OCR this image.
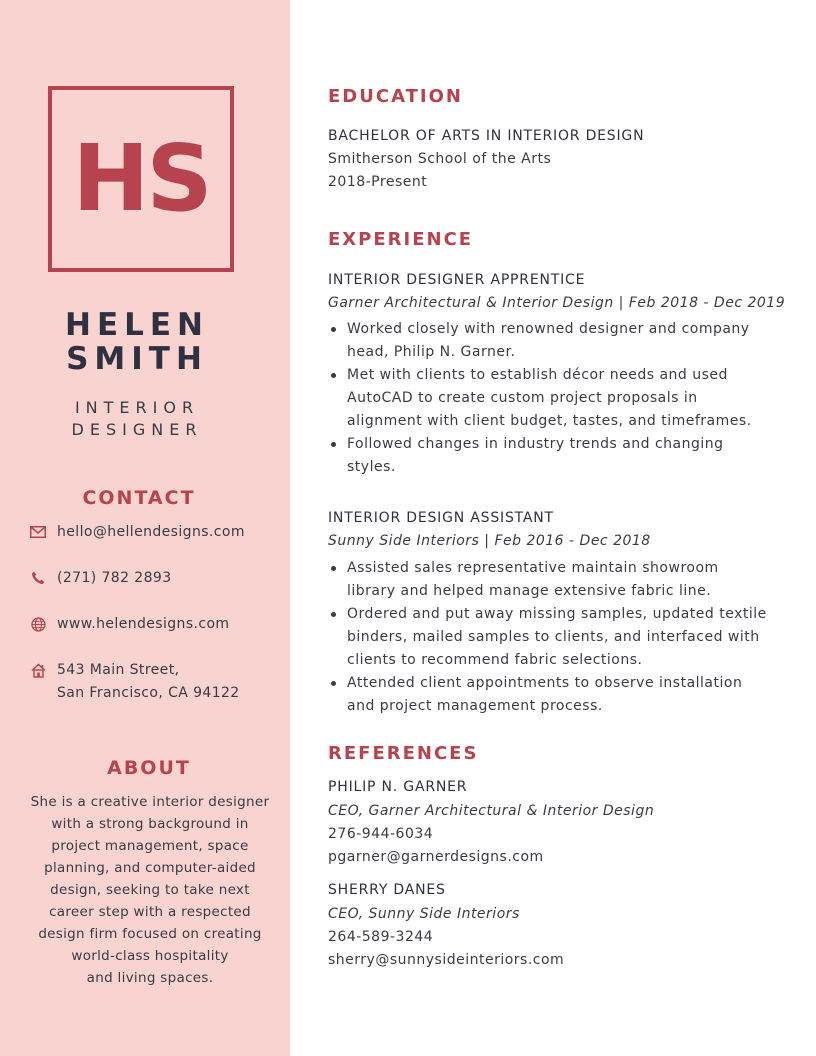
HS
HELEN
SMITH
INTERIOR
DESIGNER
CONTACT
hello@hellendesigns.com
(271) 782 2893
www.helendesigns.com
543 Main Street,
San Francisco, CA 94122
ABOUT
She is a creative interior designer
with a strong background in
project management, space
planning, and computer-aided
design, seeking to take next
career step with a respected
design firm focused on creating
world-class hospitality
and living spaces.
EDUCATION
BACHELOR OF ARTS IN INTERIOR DESIGN
Smitherson School of the Arts
2018-Present
EXPERIENCE
INTERIOR DESIGNER APPRENTICE
Garner Architectural & Interior Design | Feb 2018 - Dec 2019
Worked closely with renowned designer and company
head, Philip N. Garner.
Met with clients to establish décor needs and used
AutoCAD to create custom project proposals in
alignment with client budget, tastes, and timeframes.
Followed changes in industry trends and changing
styles.
INTERIOR DESIGN ASSISTANT
Sunny Side Interiors | Feb 2016 - Dec 2018
Assisted sales representative maintain showroom
library and helped manage extensive fabric line.
Ordered and put away missing samples, updated textile
binders, mailed samples to clients, and interfaced with
clients to recommend fabric selections.
Attended client appointments to observe installation
and project management process.
REFERENCES
PHILIP N. GARNER
CEO, Garner Architectural & Interior Design
276-944-6034
pgarner@garnerdesigns.com
SHERRY DANES
CEO, Sunny Side Interiors
264-589-3244
sherry@sunnysideinteriors.com
